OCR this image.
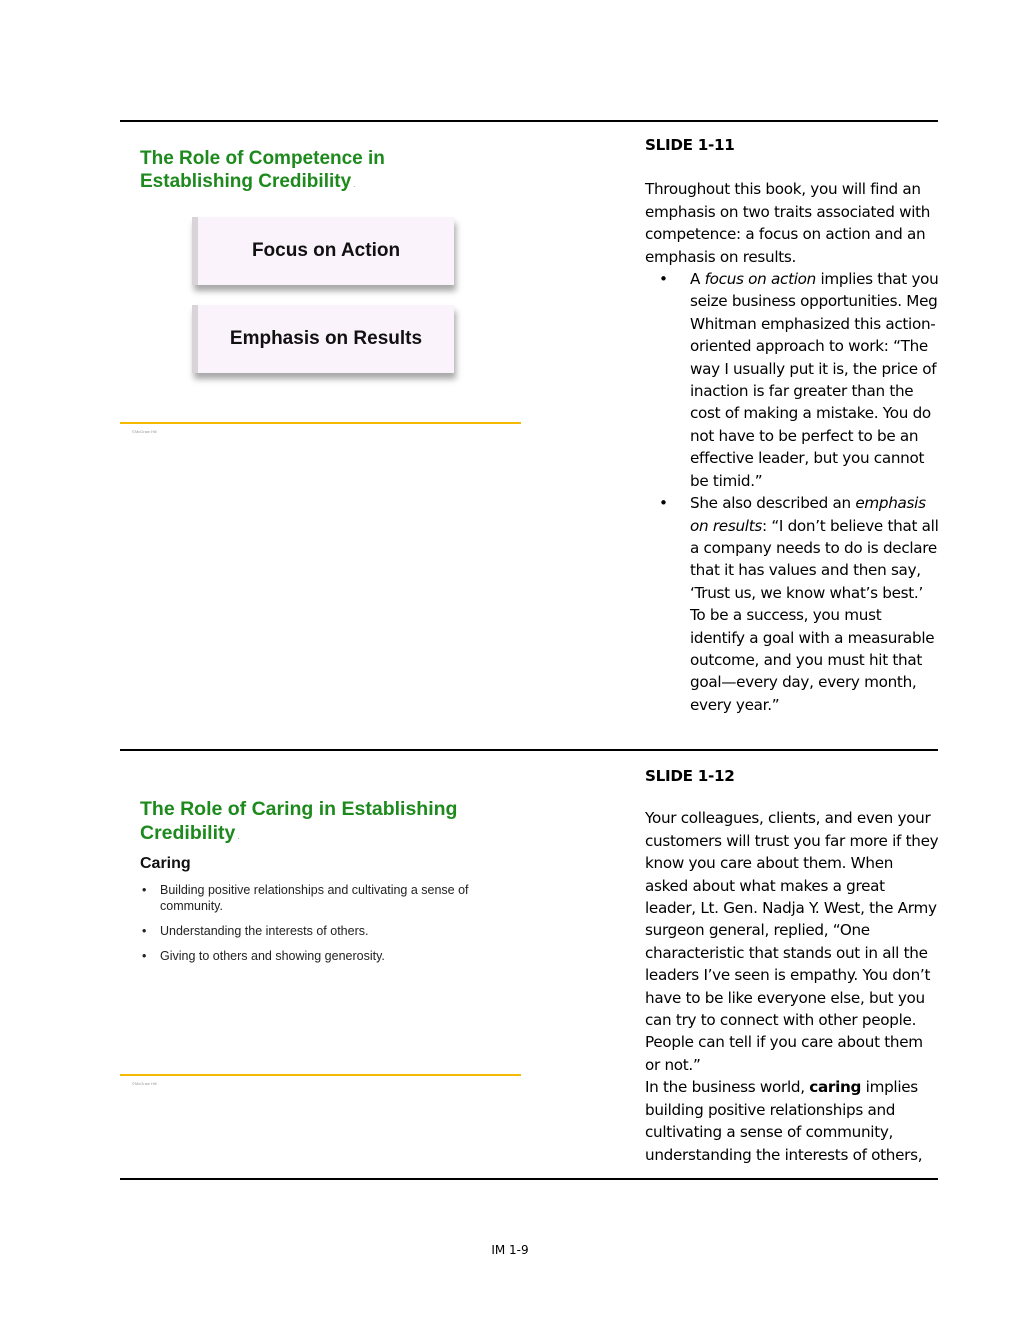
The Role of Competence in
Establishing Credibility .
Focus on Action
Emphasis on Results
©McGraw Hill

SLIDE 1-11

Throughout this book, you will find an emphasis on two traits associated with competence: a focus on action and an emphasis on results.

• A focus on action implies that you seize business opportunities. Meg Whitman emphasized this action-oriented approach to work: “The way I usually put it is, the price of inaction is far greater than the cost of making a mistake. You do not have to be perfect to be an effective leader, but you cannot be timid.”
• She also described an emphasis on results: “I don’t believe that all a company needs to do is declare that it has values and then say, ‘Trust us, we know what’s best.’ To be a success, you must identify a goal with a measurable outcome, and you must hit that goal—every day, every month, every year.”
The Role of Caring in Establishing
Credibility .
Caring
• Building positive relationships and cultivating a sense of community.
• Understanding the interests of others.
• Giving to others and showing generosity.
©McGraw Hill

SLIDE 1-12

Your colleagues, clients, and even your customers will trust you far more if they know you care about them. When asked about what makes a great leader, Lt. Gen. Nadja Y. West, the Army surgeon general, replied, “One characteristic that stands out in all the leaders I’ve seen is empathy. You don’t have to be like everyone else, but you can try to connect with other people. People can tell if you care about them or not.”

In the business world, caring implies building positive relationships and cultivating a sense of community, understanding the interests of others,

IM 1-9
